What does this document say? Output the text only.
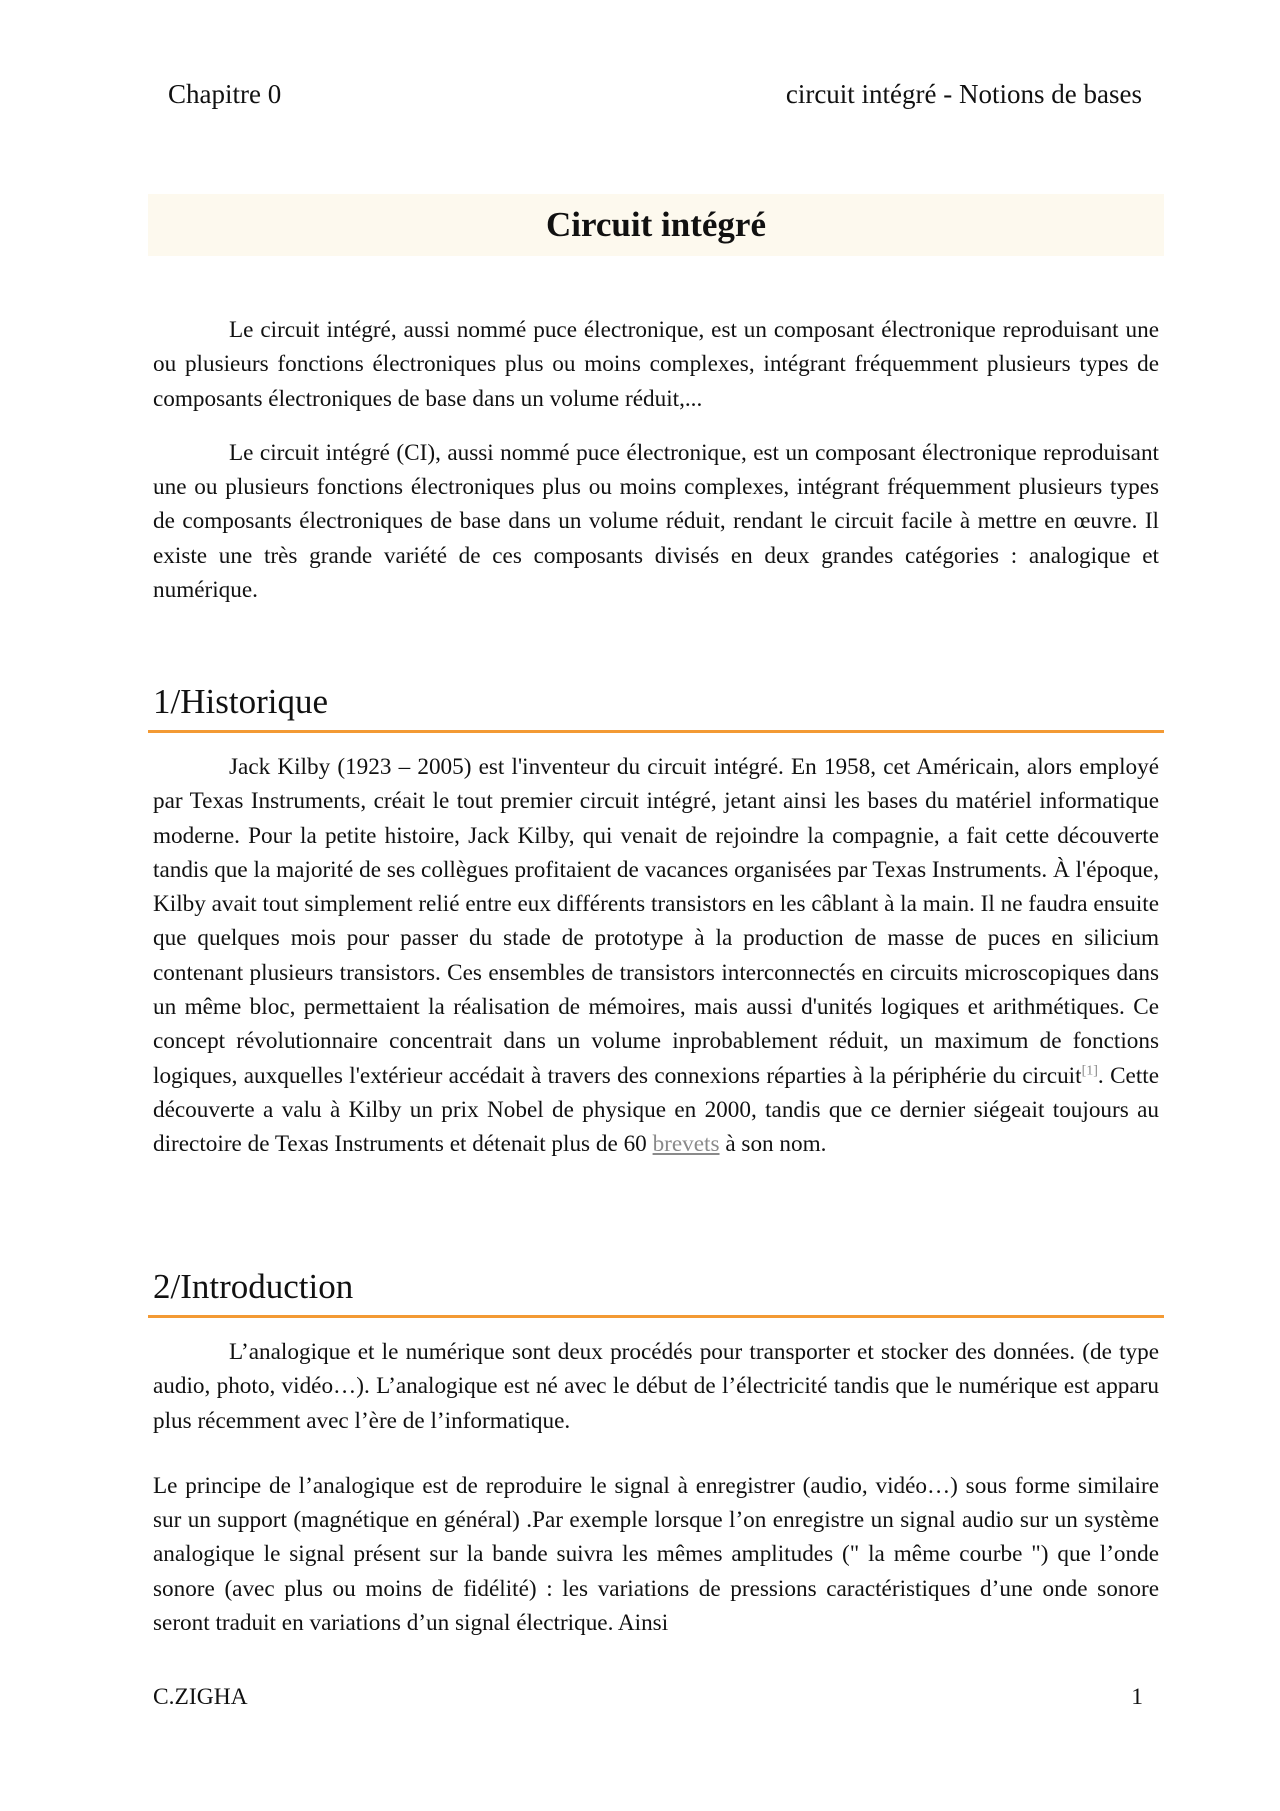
Chapitre 0	circuit intégré - Notions de bases
Circuit intégré

Le circuit intégré, aussi nommé puce électronique, est un composant électronique reproduisant une ou plusieurs fonctions électroniques plus ou moins complexes, intégrant fréquemment plusieurs types de composants électroniques de base dans un volume réduit,...

Le circuit intégré (CI), aussi nommé puce électronique, est un composant électronique reproduisant une ou plusieurs fonctions électroniques plus ou moins complexes, intégrant fréquemment plusieurs types de composants électroniques de base dans un volume réduit, rendant le circuit facile à mettre en œuvre. Il existe une très grande variété de ces composants divisés en deux grandes catégories : analogique et numérique.

1/Historique

Jack Kilby (1923 – 2005) est l'inventeur du circuit intégré. En 1958, cet Américain, alors employé par Texas Instruments, créait le tout premier circuit intégré, jetant ainsi les bases du matériel informatique moderne. Pour la petite histoire, Jack Kilby, qui venait de rejoindre la compagnie, a fait cette découverte tandis que la majorité de ses collègues profitaient de vacances organisées par Texas Instruments. À l'époque, Kilby avait tout simplement relié entre eux différents transistors en les câblant à la main. Il ne faudra ensuite que quelques mois pour passer du stade de prototype à la production de masse de puces en silicium contenant plusieurs transistors. Ces ensembles de transistors interconnectés en circuits microscopiques dans un même bloc, permettaient la réalisation de mémoires, mais aussi d'unités logiques et arithmétiques. Ce concept révolutionnaire concentrait dans un volume inprobablement réduit, un maximum de fonctions logiques, auxquelles l'extérieur accédait à travers des connexions réparties à la périphérie du circuit[1]. Cette découverte a valu à Kilby un prix Nobel de physique en 2000, tandis que ce dernier siégeait toujours au directoire de Texas Instruments et détenait plus de 60 brevets à son nom.

2/Introduction

L’analogique et le numérique sont deux procédés pour transporter et stocker des données. (de type audio, photo, vidéo…). L’analogique est né avec le début de l’électricité tandis que le numérique est apparu plus récemment avec l’ère de l’informatique.

Le principe de l’analogique est de reproduire le signal à enregistrer (audio, vidéo…) sous forme similaire sur un support (magnétique en général) .Par exemple lorsque l’on enregistre un signal audio sur un système analogique le signal présent sur la bande suivra les mêmes amplitudes (" la même courbe ") que l’onde sonore (avec plus ou moins de fidélité) : les variations de pressions caractéristiques d’une onde sonore seront traduit en variations d’un signal électrique. Ainsi

C.ZIGHA	1
